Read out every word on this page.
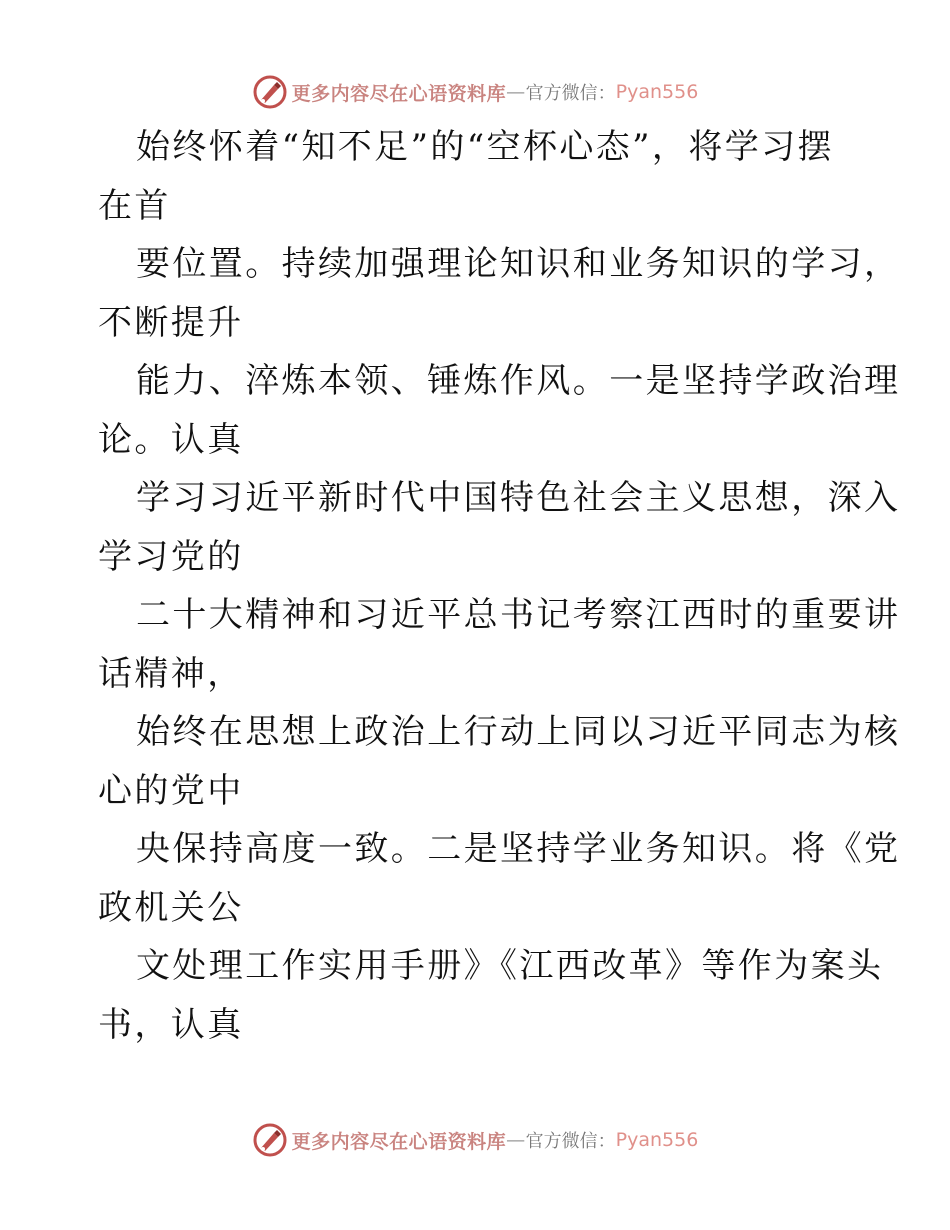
更多内容尽在心语资料库 — 官方微信： Pyan556
始终怀着“知不足”的“空杯心态”，将学习摆
在首
要位置。持续加强理论知识和业务知识的学习，
不断提升
能力、淬炼本领、锤炼作风。一是坚持学政治理
论。认真
学习习近平新时代中国特色社会主义思想，深入
学习党的
二十大精神和习近平总书记考察江西时的重要讲
话精神，
始终在思想上政治上行动上同以习近平同志为核
心的党中
央保持高度一致。二是坚持学业务知识。将《党
政机关公
文处理工作实用手册》《江西改革》等作为案头
书，认真
更多内容尽在心语资料库 — 官方微信： Pyan556
